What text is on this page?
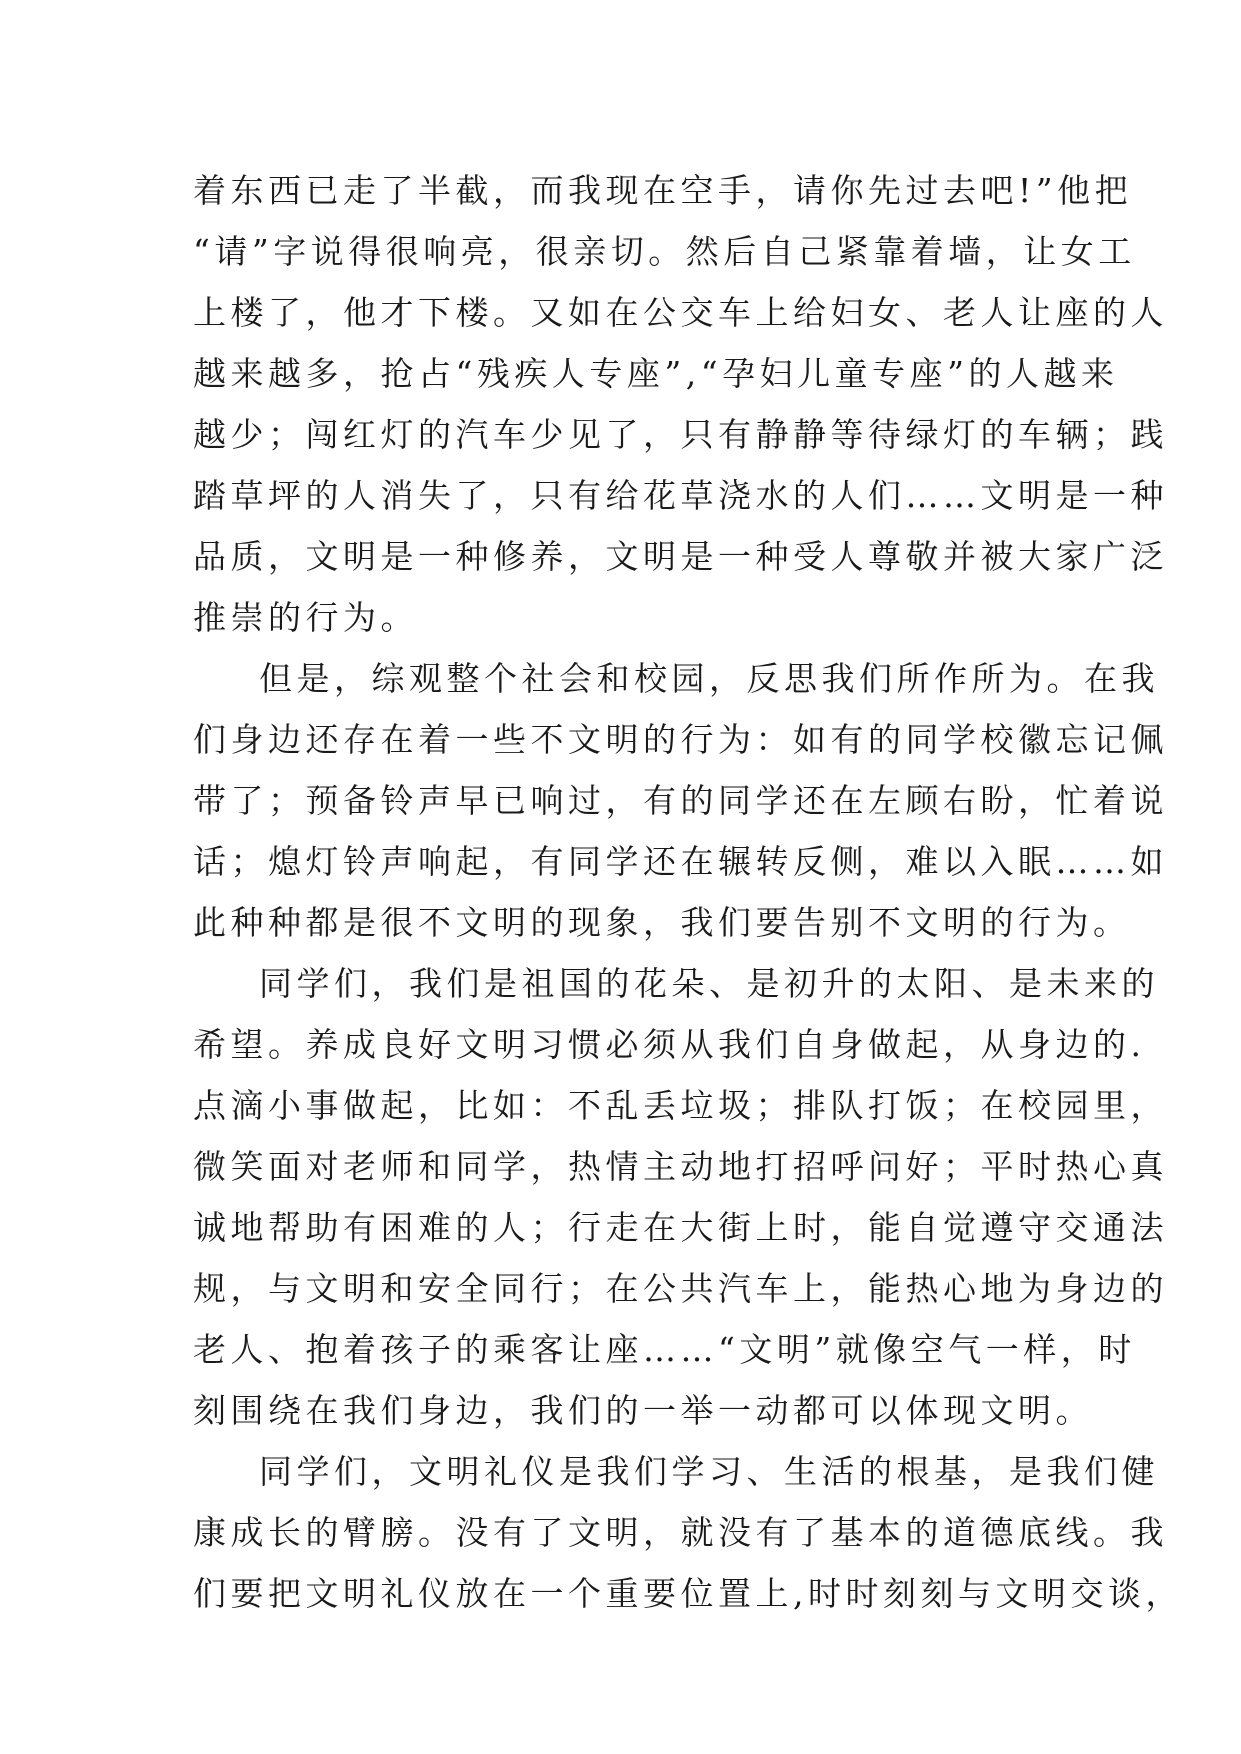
着东西已走了半截，而我现在空手，请你先过去吧!”他把
“请”字说得很响亮，很亲切。然后自己紧靠着墙，让女工
上楼了，他才下楼。又如在公交车上给妇女、老人让座的人
越来越多，抢占“残疾人专座”,“孕妇儿童专座”的人越来
越少；闯红灯的汽车少见了，只有静静等待绿灯的车辆；践
踏草坪的人消失了，只有给花草浇水的人们……文明是一种
品质，文明是一种修养，文明是一种受人尊敬并被大家广泛
推崇的行为。

但是，综观整个社会和校园，反思我们所作所为。在我
们身边还存在着一些不文明的行为：如有的同学校徽忘记佩
带了；预备铃声早已响过，有的同学还在左顾右盼，忙着说
话；熄灯铃声响起，有同学还在辗转反侧，难以入眠……如
此种种都是很不文明的现象，我们要告别不文明的行为。

同学们，我们是祖国的花朵、是初升的太阳、是未来的
希望。养成良好文明习惯必须从我们自身做起，从身边的.
点滴小事做起，比如：不乱丢垃圾；排队打饭；在校园里，
微笑面对老师和同学，热情主动地打招呼问好；平时热心真
诚地帮助有困难的人；行走在大街上时，能自觉遵守交通法
规，与文明和安全同行；在公共汽车上，能热心地为身边的
老人、抱着孩子的乘客让座……“文明”就像空气一样，时
刻围绕在我们身边，我们的一举一动都可以体现文明。

同学们，文明礼仪是我们学习、生活的根基，是我们健
康成长的臂膀。没有了文明，就没有了基本的道德底线。我
们要把文明礼仪放在一个重要位置上,时时刻刻与文明交谈，
